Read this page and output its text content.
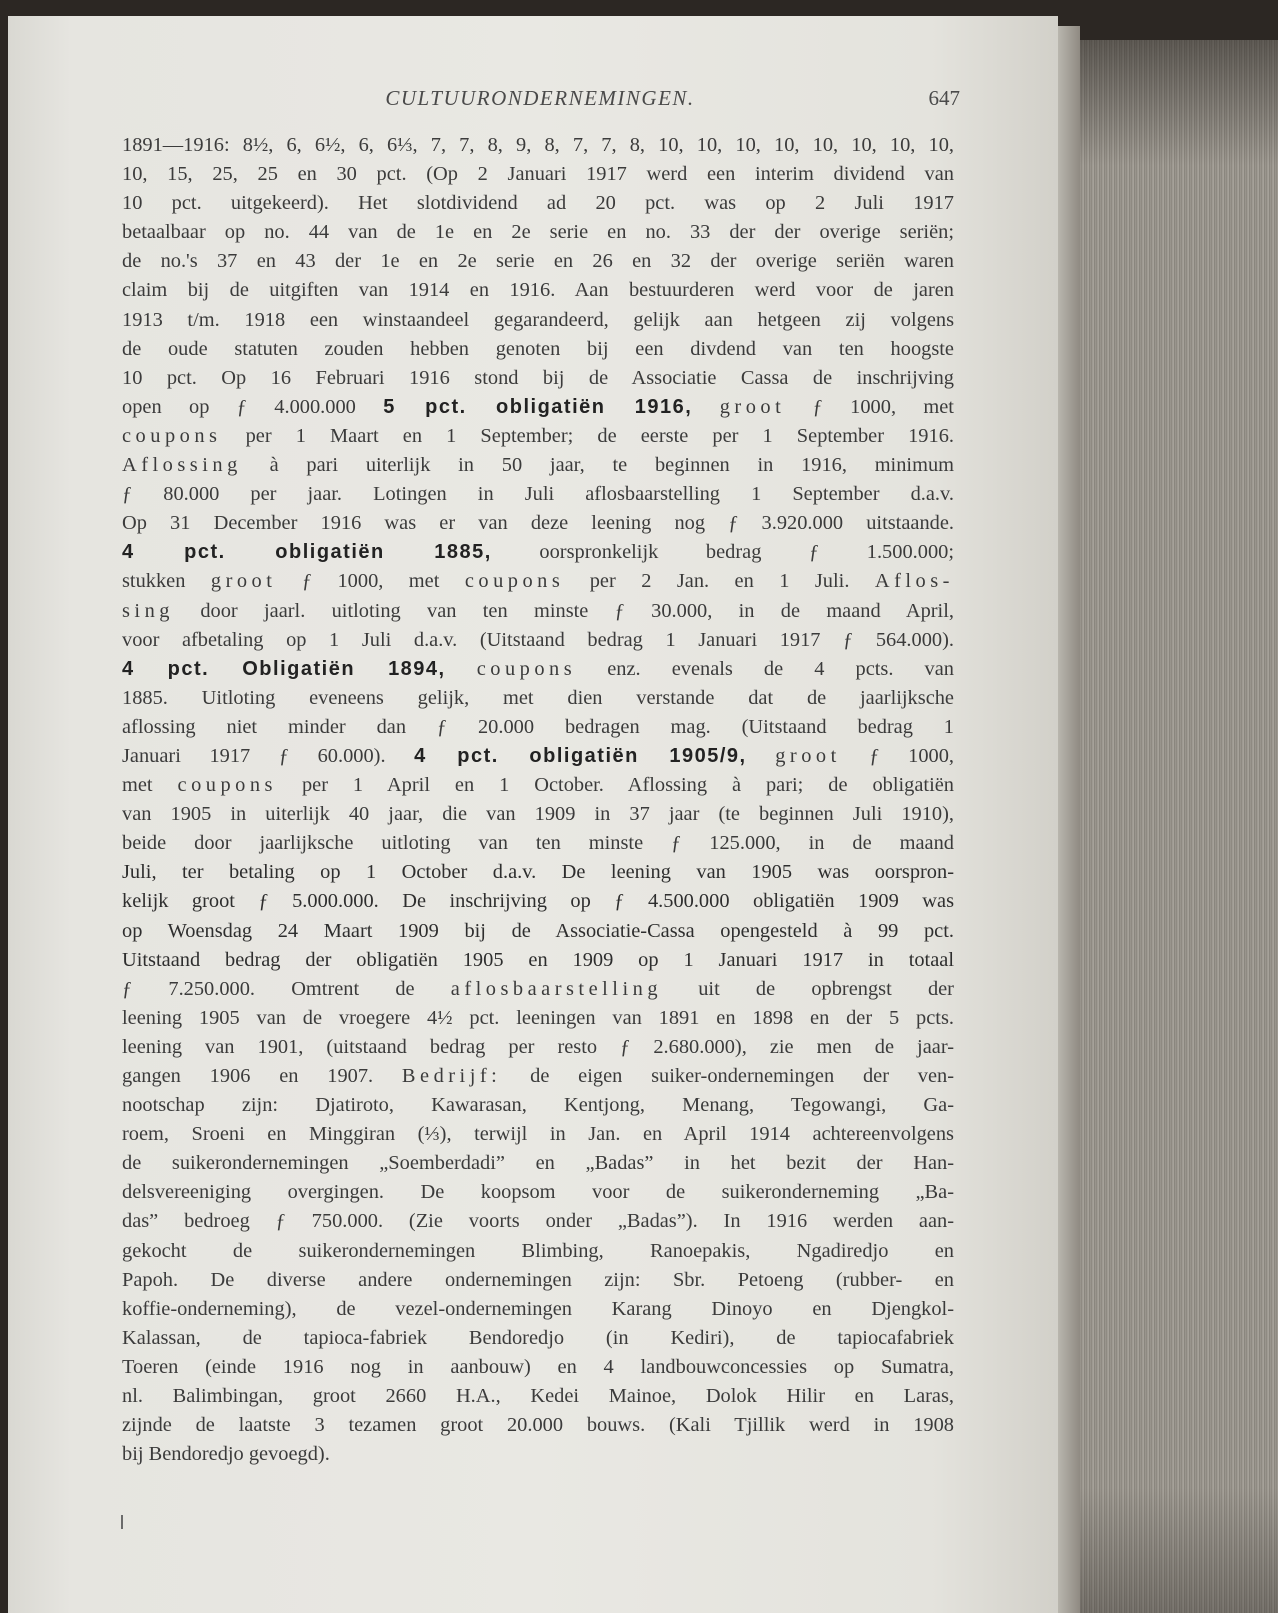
CULTUURONDERNEMINGEN.	647
1891—1916: 8½, 6, 6½, 6, 6⅓, 7, 7, 8, 9, 8, 7, 7, 8, 10, 10, 10, 10, 10, 10, 10, 10,
10, 15, 25, 25 en 30 pct. (Op 2 Januari 1917 werd een interim dividend van
10 pct. uitgekeerd). Het slotdividend ad 20 pct. was op 2 Juli 1917
betaalbaar op no. 44 van de 1e en 2e serie en no. 33 der der overige seriën;
de no.'s 37 en 43 der 1e en 2e serie en 26 en 32 der overige seriën waren
claim bij de uitgiften van 1914 en 1916. Aan bestuurderen werd voor de jaren
1913 t/m. 1918 een winstaandeel gegarandeerd, gelijk aan hetgeen zij volgens
de oude statuten zouden hebben genoten bij een divdend van ten hoogste
10 pct. Op 16 Februari 1916 stond bij de Associatie Cassa de inschrijving
open op ƒ 4.000.000 5 pct. obligatiën 1916, groot ƒ 1000, met
coupons per 1 Maart en 1 September; de eerste per 1 September 1916.
Aflossing à pari uiterlijk in 50 jaar, te beginnen in 1916, minimum
ƒ 80.000 per jaar. Lotingen in Juli aflosbaarstelling 1 September d.a.v.
Op 31 December 1916 was er van deze leening nog ƒ 3.920.000 uitstaande.
4 pct. obligatiën 1885, oorspronkelijk bedrag ƒ 1.500.000;
stukken groot ƒ 1000, met coupons per 2 Jan. en 1 Juli. Aflos-
sing door jaarl. uitloting van ten minste ƒ 30.000, in de maand April,
voor afbetaling op 1 Juli d.a.v. (Uitstaand bedrag 1 Januari 1917 ƒ 564.000).
4 pct. Obligatiën 1894, coupons enz. evenals de 4 pcts. van
1885. Uitloting eveneens gelijk, met dien verstande dat de jaarlijksche
aflossing niet minder dan ƒ 20.000 bedragen mag. (Uitstaand bedrag 1
Januari 1917 ƒ 60.000). 4 pct. obligatiën 1905/9, groot ƒ 1000,
met coupons per 1 April en 1 October. Aflossing à pari; de obligatiën
van 1905 in uiterlijk 40 jaar, die van 1909 in 37 jaar (te beginnen Juli 1910),
beide door jaarlijksche uitloting van ten minste ƒ 125.000, in de maand
Juli, ter betaling op 1 October d.a.v. De leening van 1905 was oorspron-
kelijk groot ƒ 5.000.000. De inschrijving op ƒ 4.500.000 obligatiën 1909 was
op Woensdag 24 Maart 1909 bij de Associatie-Cassa opengesteld à 99 pct.
Uitstaand bedrag der obligatiën 1905 en 1909 op 1 Januari 1917 in totaal
ƒ 7.250.000. Omtrent de aflosbaarstelling uit de opbrengst der
leening 1905 van de vroegere 4½ pct. leeningen van 1891 en 1898 en der 5 pcts.
leening van 1901, (uitstaand bedrag per resto ƒ 2.680.000), zie men de jaar-
gangen 1906 en 1907. Bedrijf: de eigen suiker-ondernemingen der ven-
nootschap zijn: Djatiroto, Kawarasan, Kentjong, Menang, Tegowangi, Ga-
roem, Sroeni en Minggiran (⅓), terwijl in Jan. en April 1914 achtereenvolgens
de suikerondernemingen „Soemberdadi” en „Badas” in het bezit der Han-
delsvereeniging overgingen. De koopsom voor de suikeronderneming „Ba-
das” bedroeg ƒ 750.000. (Zie voorts onder „Badas”). In 1916 werden aan-
gekocht de suikerondernemingen Blimbing, Ranoepakis, Ngadiredjo en
Papoh. De diverse andere ondernemingen zijn: Sbr. Petoeng (rubber- en
koffie-onderneming), de vezel-ondernemingen Karang Dinoyo en Djengkol-
Kalassan, de tapioca-fabriek Bendoredjo (in Kediri), de tapiocafabriek
Toeren (einde 1916 nog in aanbouw) en 4 landbouwconcessies op Sumatra,
nl. Balimbingan, groot 2660 H.A., Kedei Mainoe, Dolok Hilir en Laras,
zijnde de laatste 3 tezamen groot 20.000 bouws. (Kali Tjillik werd in 1908
bij Bendoredjo gevoegd).
